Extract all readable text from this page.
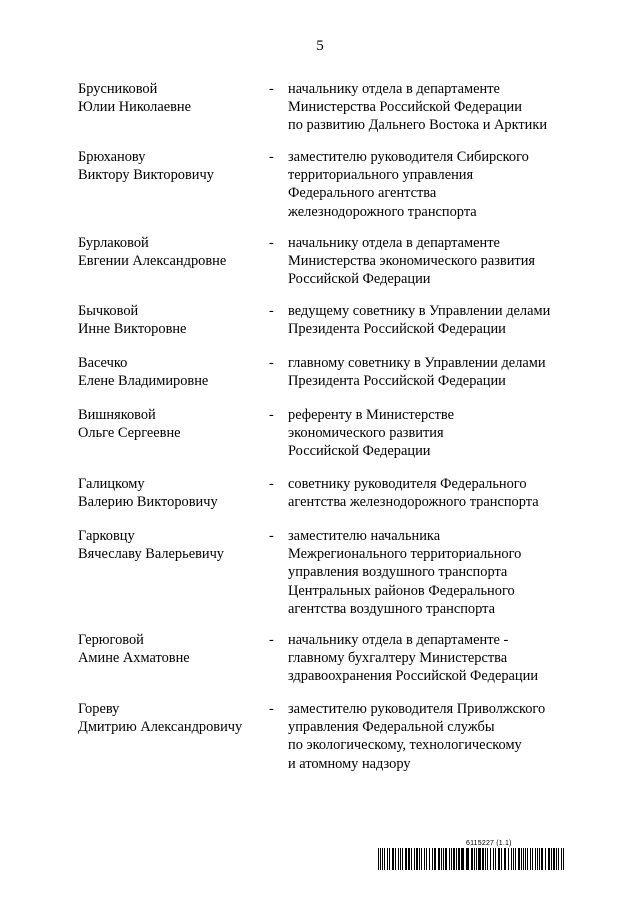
5
Брусниковой
Юлии Николаевне
- начальнику отдела в департаменте
Министерства Российской Федерации
по развитию Дальнего Востока и Арктики
Брюханову
Виктору Викторовичу
- заместителю руководителя Сибирского
территориального управления
Федерального агентства
железнодорожного транспорта
Бурлаковой
Евгении Александровне
- начальнику отдела в департаменте
Министерства экономического развития
Российской Федерации
Бычковой
Инне Викторовне
- ведущему советнику в Управлении делами
Президента Российской Федерации
Васечко
Елене Владимировне
- главному советнику в Управлении делами
Президента Российской Федерации
Вишняковой
Ольге Сергеевне
- референту в Министерстве
экономического развития
Российской Федерации
Галицкому
Валерию Викторовичу
- советнику руководителя Федерального
агентства железнодорожного транспорта
Гарковцу
Вячеславу Валерьевичу
- заместителю начальника
Межрегионального территориального
управления воздушного транспорта
Центральных районов Федерального
агентства воздушного транспорта
Герюговой
Амине Ахматовне
- начальнику отдела в департаменте -
главному бухгалтеру Министерства
здравоохранения Российской Федерации
Гореву
Дмитрию Александровичу
- заместителю руководителя Приволжского
управления Федеральной службы
по экологическому, технологическому
и атомному надзору
6115227 (1.1)
